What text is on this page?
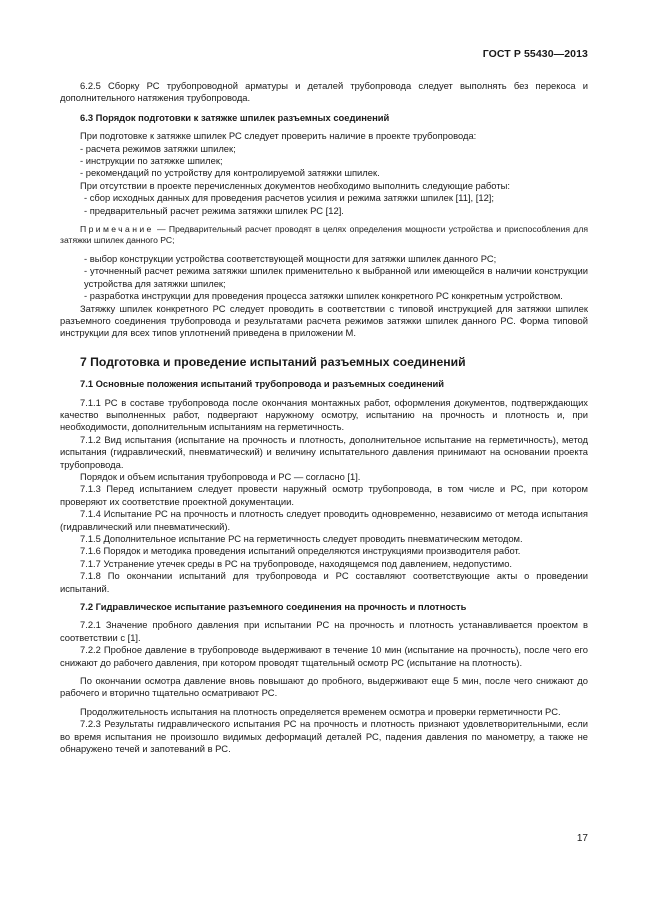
ГОСТ Р 55430—2013

6.2.5 Сборку РС трубопроводной арматуры и деталей трубопровода следует выполнять без перекоса и дополнительного натяжения трубопровода.

6.3 Порядок подготовки к затяжке шпилек разъемных соединений

При подготовке к затяжке шпилек РС следует проверить наличие в проекте трубопровода:

- расчета режимов затяжки шпилек;

- инструкции по затяжке шпилек;

- рекомендаций по устройству для контролируемой затяжки шпилек.

При отсутствии в проекте перечисленных документов необходимо выполнить следующие работы:

- сбор исходных данных для проведения расчетов усилия и режима затяжки шпилек [11], [12];

- предварительный расчет режима затяжки шпилек РС [12].

Примечание — Предварительный расчет проводят в целях определения мощности устройства и приспособления для затяжки шпилек данного РС;

- выбор конструкции устройства соответствующей мощности для затяжки шпилек данного РС;

- уточненный расчет режима затяжки шпилек применительно к выбранной или имеющейся в наличии конструкции устройства для затяжки шпилек;

- разработка инструкции для проведения процесса затяжки шпилек конкретного РС конкретным устройством.

Затяжку шпилек конкретного РС следует проводить в соответствии с типовой инструкцией для затяжки шпилек разъемного соединения трубопровода и результатами расчета режимов затяжки шпилек данного РС. Форма типовой инструкции для всех типов уплотнений приведена в приложении М.

7 Подготовка и проведение испытаний разъемных соединений

7.1 Основные положения испытаний трубопровода и разъемных соединений

7.1.1 РС в составе трубопровода после окончания монтажных работ, оформления документов, подтверждающих качество выполненных работ, подвергают наружному осмотру, испытанию на прочность и плотность и, при необходимости, дополнительным испытаниям на герметичность.

7.1.2 Вид испытания (испытание на прочность и плотность, дополнительное испытание на герметичность), метод испытания (гидравлический, пневматический) и величину испытательного давления принимают на основании проекта трубопровода.

Порядок и объем испытания трубопровода и РС — согласно [1].

7.1.3 Перед испытанием следует провести наружный осмотр трубопровода, в том числе и РС, при котором проверяют их соответствие проектной документации.

7.1.4 Испытание РС на прочность и плотность следует проводить одновременно, независимо от метода испытания (гидравлический или пневматический).

7.1.5 Дополнительное испытание РС на герметичность следует проводить пневматическим методом.

7.1.6 Порядок и методика проведения испытаний определяются инструкциями производителя работ.

7.1.7 Устранение утечек среды в РС на трубопроводе, находящемся под давлением, недопустимо.

7.1.8 По окончании испытаний для трубопровода и РС составляют соответствующие акты о проведении испытаний.

7.2 Гидравлическое испытание разъемного соединения на прочность и плотность

7.2.1 Значение пробного давления при испытании РС на прочность и плотность устанавливается проектом в соответствии с [1].

7.2.2 Пробное давление в трубопроводе выдерживают в течение 10 мин (испытание на прочность), после чего его снижают до рабочего давления, при котором проводят тщательный осмотр РС (испытание на плотность).

По окончании осмотра давление вновь повышают до пробного, выдерживают еще 5 мин, после чего снижают до рабочего и вторично тщательно осматривают РС.

Продолжительность испытания на плотность определяется временем осмотра и проверки герметичности РС.

7.2.3 Результаты гидравлического испытания РС на прочность и плотность признают удовлетворительными, если во время испытания не произошло видимых деформаций деталей РС, падения давления по манометру, а также не обнаружено течей и запотеваний в РС.

17
